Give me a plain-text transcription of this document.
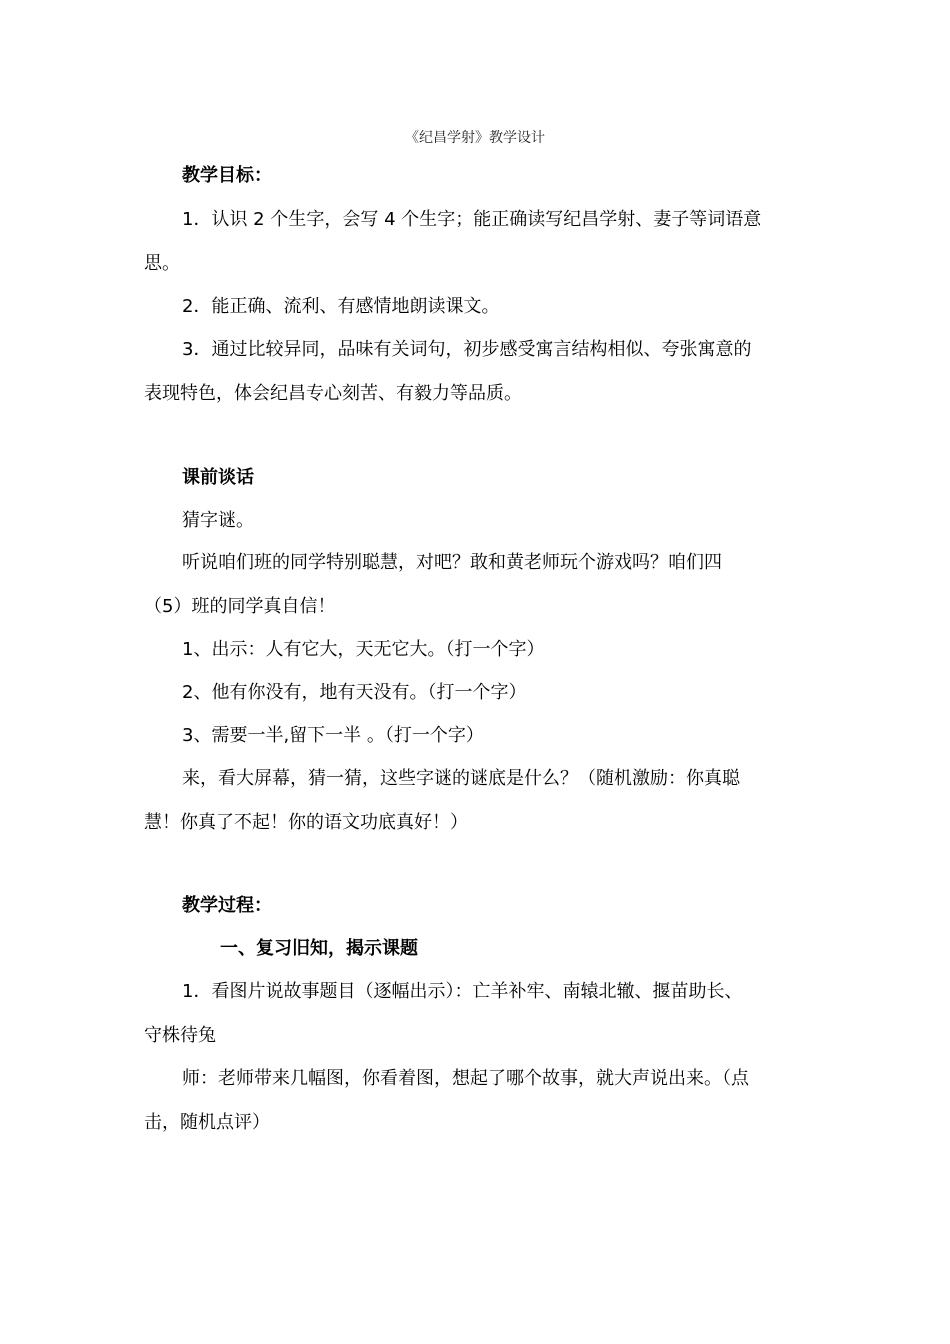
《纪昌学射》教学设计
教学目标：
1．认识 2 个生字，会写 4 个生字；能正确读写纪昌学射、妻子等词语意
思。
2．能正确、流利、有感情地朗读课文。
3．通过比较异同，品味有关词句，初步感受寓言结构相似、夸张寓意的
表现特色，体会纪昌专心刻苦、有毅力等品质。
课前谈话
猜字谜。
听说咱们班的同学特别聪慧，对吧？敢和黄老师玩个游戏吗？咱们四
（5）班的同学真自信！
1、出示：人有它大，天无它大。（打一个字）
2、他有你没有，地有天没有。（打一个字）
3、需要一半,留下一半 。（打一个字）
来，看大屏幕，猜一猜，这些字谜的谜底是什么？（随机激励：你真聪
慧！你真了不起！你的语文功底真好！）
教学过程：
一、复习旧知，揭示课题
1．看图片说故事题目（逐幅出示）：亡羊补牢、南辕北辙、揠苗助长、
守株待兔
师：老师带来几幅图，你看着图，想起了哪个故事，就大声说出来。（点
击，随机点评）
